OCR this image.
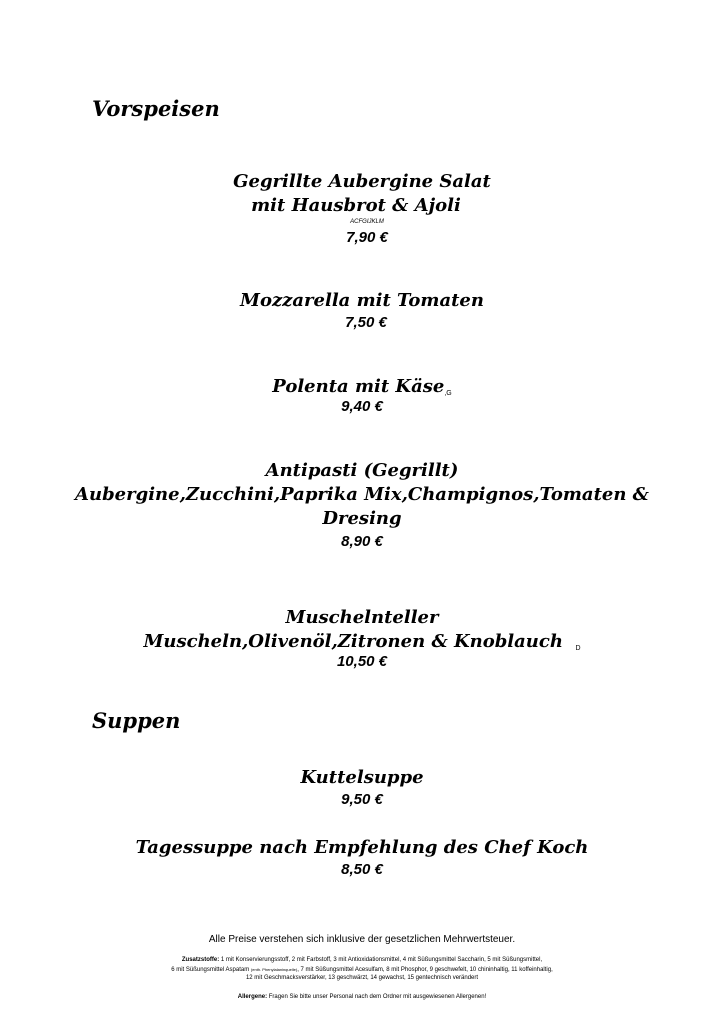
Vorspeisen
Gegrillte Aubergine Salat
mit Hausbrot & Ajoli
ACFGIJKLM
7,90 €
Mozzarella mit Tomaten
7,50 €
Polenta mit Käse,G
9,40 €
Antipasti (Gegrillt)
Aubergine,Zucchini,Paprika Mix,Champignos,Tomaten &
Dresing
8,90 €
Muschelnteller
Muscheln,Olivenöl,Zitronen & Knoblauch D
10,50 €
Suppen
Kuttelsuppe
9,50 €
Tagessuppe nach Empfehlung des Chef Koch
8,50 €
Alle Preise verstehen sich inklusive der gesetzlichen Mehrwertsteuer.
Zusatzstoffe: 1 mit Konservierungsstoff, 2 mit Farbstoff, 3 mit Antioxidationsmittel, 4 mit Süßungsmittel Saccharin, 5 mit Süßungsmittel,
6 mit Süßungsmittel Aspatam (enth. Phenylalaninquelle), 7 mit Süßungsmittel Acesulfam, 8 mit Phosphor, 9 geschwefelt, 10 chininhaltig, 11 koffeinhaltig,
12 mit Geschmacksverstärker, 13 geschwärzt, 14 gewachst, 15 gentechnisch verändert
Allergene: Fragen Sie bitte unser Personal nach dem Ordner mit ausgewiesenen Allergenen!
